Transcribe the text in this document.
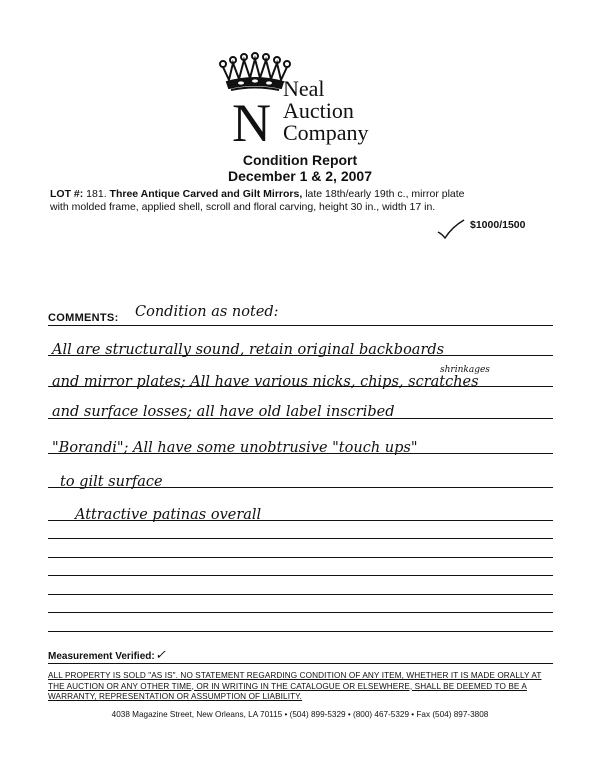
N
Neal
Auction
Company
Condition Report
December 1 & 2, 2007
LOT #: 181. Three Antique Carved and Gilt Mirrors, late 18th/early 19th c., mirror plate
with molded frame, applied shell, scroll and floral carving, height 30 in., width 17 in.
$1000/1500
COMMENTS: Condition as noted:
All are structurally sound, retain original backboards
shrinkages
and mirror plates; All have various nicks, chips, scratches
and surface losses; all have old label inscribed
"Borandi"; All have some unobtrusive "touch ups"
to gilt surface
Attractive patinas overall
Measurement Verified: ✓
ALL PROPERTY IS SOLD "AS IS". NO STATEMENT REGARDING CONDITION OF ANY ITEM, WHETHER IT IS MADE ORALLY AT THE AUCTION OR ANY OTHER TIME, OR IN WRITING IN THE CATALOGUE OR ELSEWHERE, SHALL BE DEEMED TO BE A WARRANTY, REPRESENTATION OR ASSUMPTION OF LIABILITY.
4038 Magazine Street, New Orleans, LA 70115 • (504) 899-5329 • (800) 467-5329 • Fax (504) 897-3808
